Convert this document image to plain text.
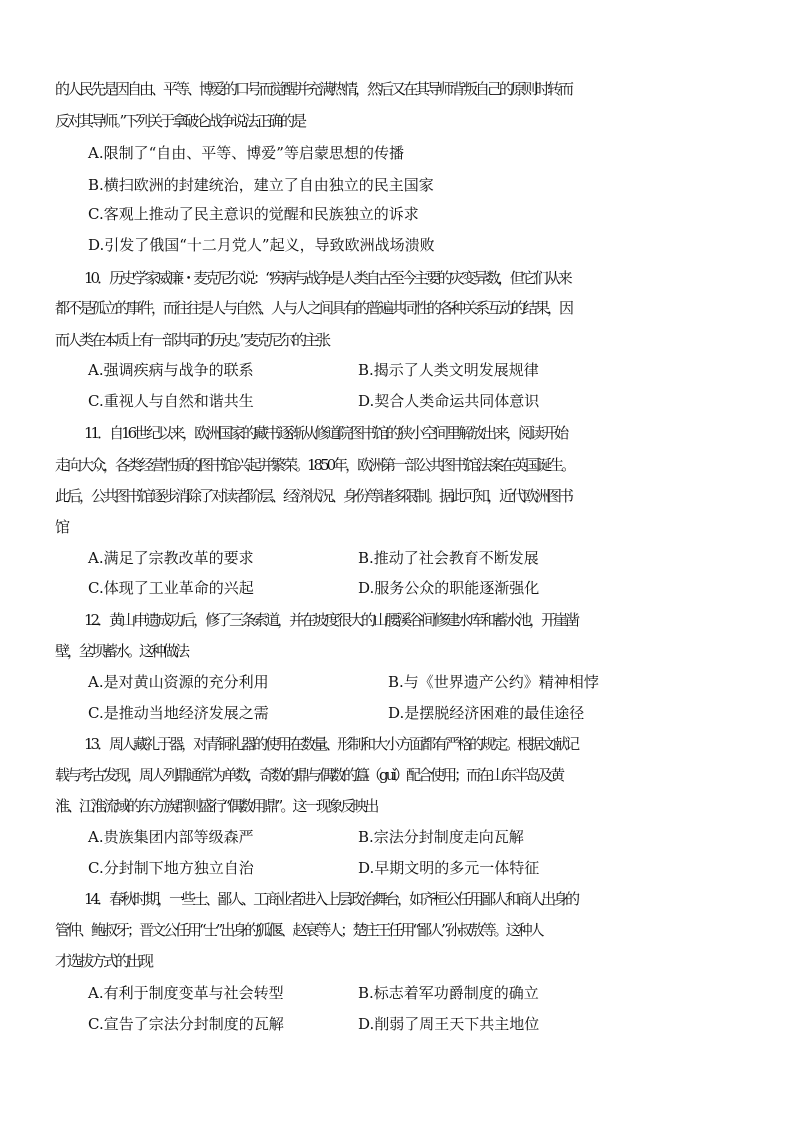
的人民先是因自由、平等、博爱的口号而觉醒并充满热情，然后又在其导师背叛自己的原则时转而
反对其导师。”下列关于拿破仑战争说法正确的是
A.限制了“自由、平等、博爱”等启蒙思想的传播
B.横扫欧洲的封建统治，建立了自由独立的民主国家
C.客观上推动了民主意识的觉醒和民族独立的诉求
D.引发了俄国“十二月党人”起义，导致欧洲战场溃败
10．历史学家威廉・麦克尼尔说：“疾病与战争是人类自古至今主要的灾变异数，但它们从来
都不是孤立的事件，而往往是人与自然、人与人之间具有的普遍共同性的各种关系互动的结果，因
而人类在本质上有一部共同的历史。”麦克尼尔的主张
A.强调疾病与战争的联系	B.揭示了人类文明发展规律
C.重视人与自然和谐共生	D.契合人类命运共同体意识
11．自16世纪以来，欧洲国家的藏书逐渐从修道院图书馆的狭小空间里解放出来，阅读开始
走向大众，各类经营性质的图书馆兴起并繁荣。1850年，欧洲第一部公共图书馆法案在英国诞生。
此后，公共图书馆逐步消除了对读者阶层、经济状况、身份等诸多限制。据此可知，近代欧洲图书
馆
A.满足了宗教改革的要求	B.推动了社会教育不断发展
C.体现了工业革命的兴起	D.服务公众的职能逐渐强化
12．黄山申遗成功后，修了三条索道，并在坡度很大的山腰溪谷间修建水库和蓄水池，开崖凿
壁，坌坝蓄水。这种做法
A.是对黄山资源的充分利用	B.与《世界遗产公约》精神相悖
C.是推动当地经济发展之需	D.是摆脱经济困难的最佳途径
13．周人藏礼于器，对青铜礼器的使用在数量、形制和大小方面都有严格的规定。根据文献记
载与考古发现，周人列鼎通常为单数，奇数的鼎与偶数的簋（guǐ）配合使用；而在山东半岛及黄
淮、江淮流域的东方族群则盛行“偶数用鼎”。这一现象反映出
A.贵族集团内部等级森严	B.宗法分封制度走向瓦解
C.分封制下地方独立自治	D.早期文明的多元一体特征
14．春秋时期，一些士、鄙人、工商业者进入上层政治舞台，如齐桓公任用鄙人和商人出身的
管仲、鲍叔牙；晋文公任用“士”出身的狐偃、赵衰等人；楚庄王任用“鄙人”孙叔敖等。这种人
才选拔方式的出现
A.有利于制度变革与社会转型	B.标志着军功爵制度的确立
C.宣告了宗法分封制度的瓦解	D.削弱了周王天下共主地位
